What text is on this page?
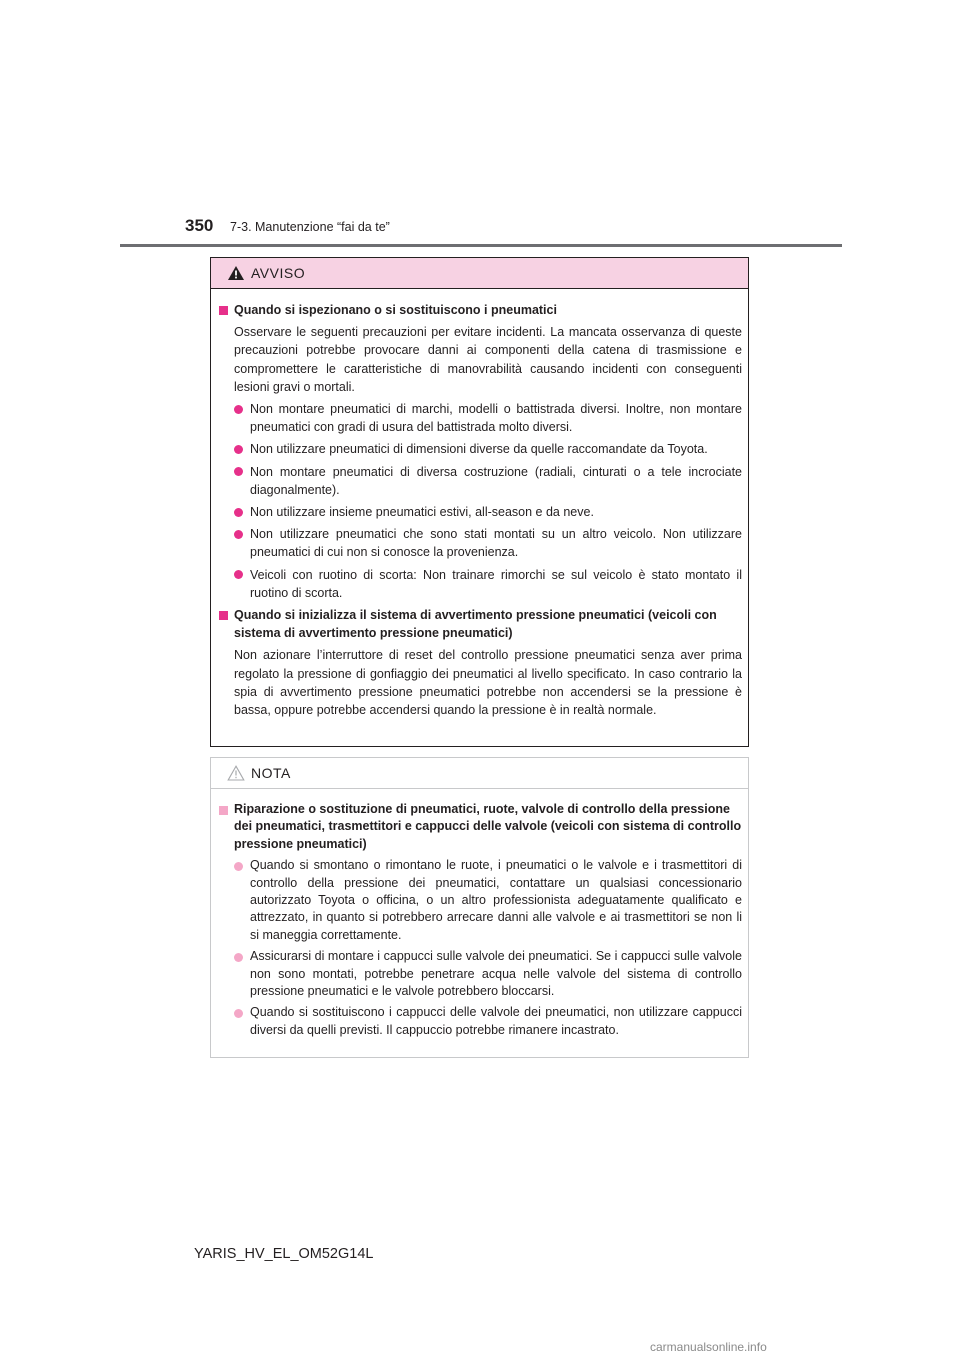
350 7-3. Manutenzione “fai da te”
AVVISO
Quando si ispezionano o si sostituiscono i pneumatici
Osservare le seguenti precauzioni per evitare incidenti. La mancata osservanza di queste precauzioni potrebbe provocare danni ai componenti della catena di trasmissione e compromettere le caratteristiche di manovrabilità causando incidenti con conseguenti lesioni gravi o mortali.
Non montare pneumatici di marchi, modelli o battistrada diversi. Inoltre, non montare pneumatici con gradi di usura del battistrada molto diversi.
Non utilizzare pneumatici di dimensioni diverse da quelle raccomandate da Toyota.
Non montare pneumatici di diversa costruzione (radiali, cinturati o a tele incrociate diagonalmente).
Non utilizzare insieme pneumatici estivi, all-season e da neve.
Non utilizzare pneumatici che sono stati montati su un altro veicolo. Non utilizzare pneumatici di cui non si conosce la provenienza.
Veicoli con ruotino di scorta: Non trainare rimorchi se sul veicolo è stato montato il ruotino di scorta.
Quando si inizializza il sistema di avvertimento pressione pneumatici (veicoli con sistema di avvertimento pressione pneumatici)
Non azionare l’interruttore di reset del controllo pressione pneumatici senza aver prima regolato la pressione di gonfiaggio dei pneumatici al livello specificato. In caso contrario la spia di avvertimento pressione pneumatici potrebbe non accendersi se la pressione è bassa, oppure potrebbe accendersi quando la pressione è in realtà normale.
NOTA
Riparazione o sostituzione di pneumatici, ruote, valvole di controllo della pressione dei pneumatici, trasmettitori e cappucci delle valvole (veicoli con sistema di controllo pressione pneumatici)
Quando si smontano o rimontano le ruote, i pneumatici o le valvole e i trasmettitori di controllo della pressione dei pneumatici, contattare un qualsiasi concessionario autorizzato Toyota o officina, o un altro professionista adeguatamente qualificato e attrezzato, in quanto si potrebbero arrecare danni alle valvole e ai trasmettitori se non li si maneggia correttamente.
Assicurarsi di montare i cappucci sulle valvole dei pneumatici. Se i cappucci sulle valvole non sono montati, potrebbe penetrare acqua nelle valvole del sistema di controllo pressione pneumatici e le valvole potrebbero bloccarsi.
Quando si sostituiscono i cappucci delle valvole dei pneumatici, non utilizzare cappucci diversi da quelli previsti. Il cappuccio potrebbe rimanere incastrato.
YARIS_HV_EL_OM52G14L
carmanualsonline.info
